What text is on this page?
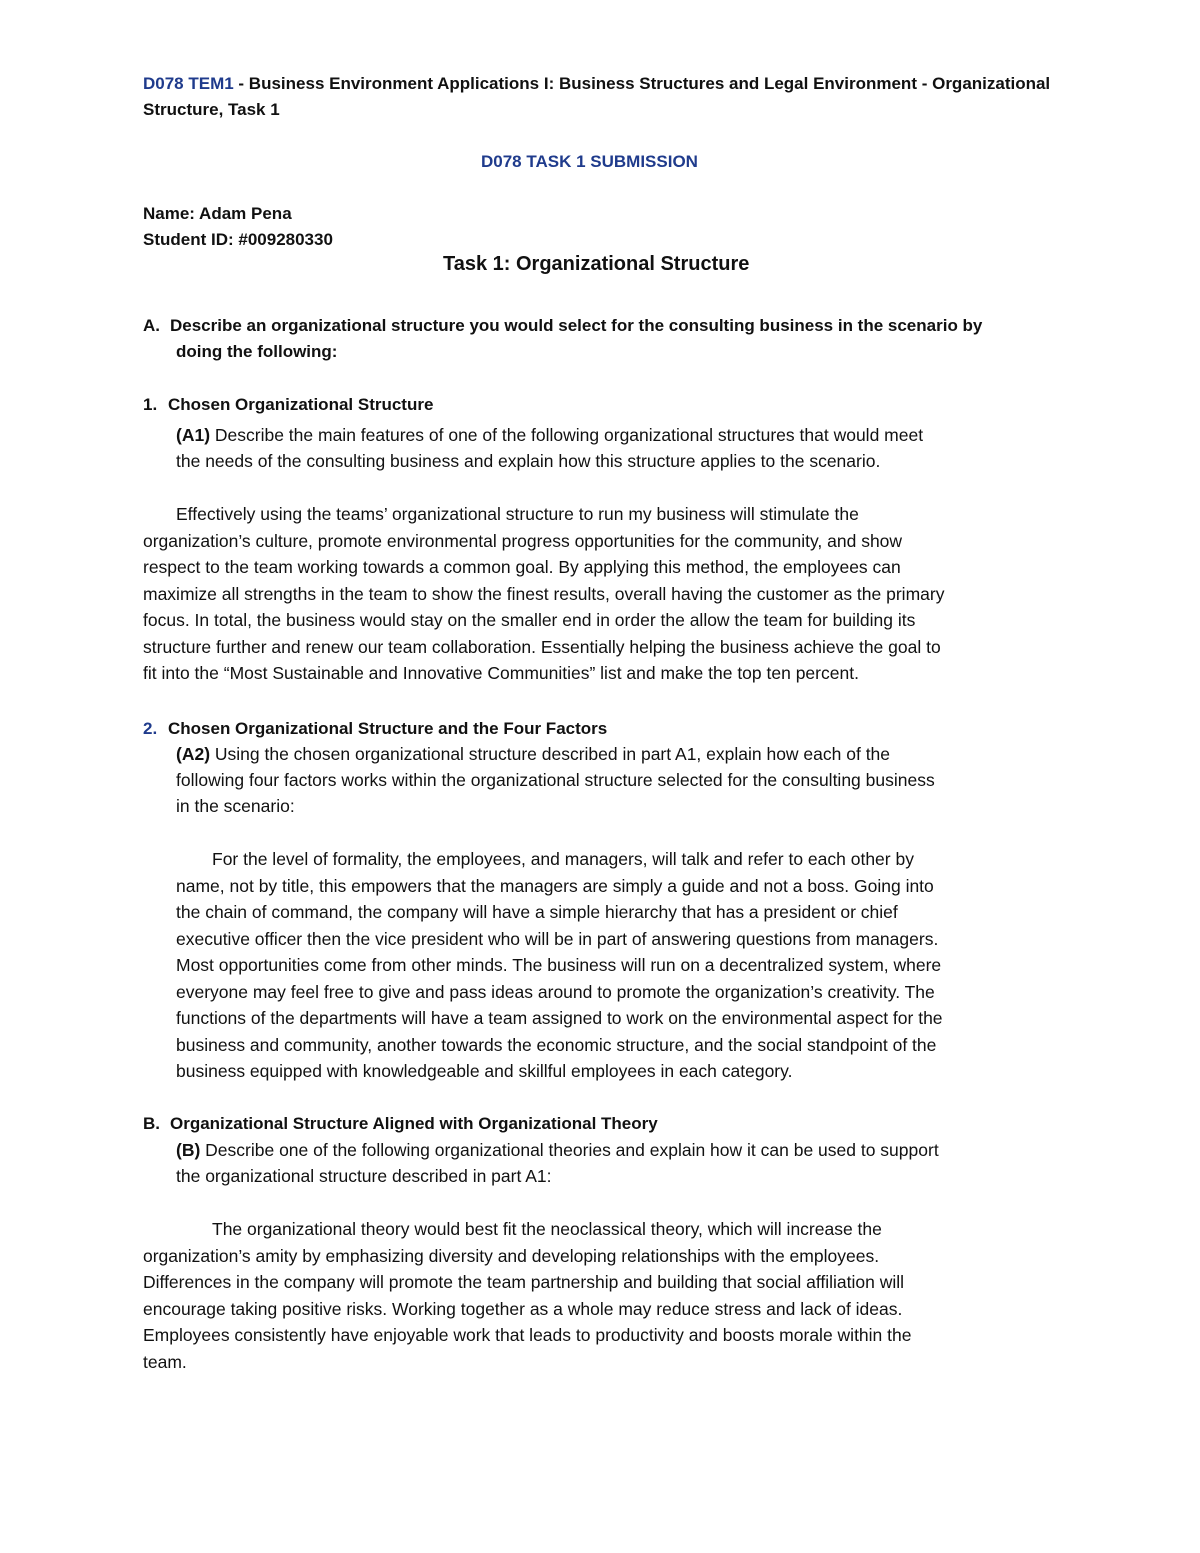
D078 TEM1 - Business Environment Applications I: Business Structures and Legal Environment - Organizational
Structure, Task 1
D078 TASK 1 SUBMISSION
Name: Adam Pena
Student ID: #009280330
Task 1: Organizational Structure
A. Describe an organizational structure you would select for the consulting business in the scenario by
doing the following:
1. Chosen Organizational Structure
(A1) Describe the main features of one of the following organizational structures that would meet
the needs of the consulting business and explain how this structure applies to the scenario.
Effectively using the teams’ organizational structure to run my business will stimulate the
organization’s culture, promote environmental progress opportunities for the community, and show
respect to the team working towards a common goal. By applying this method, the employees can
maximize all strengths in the team to show the finest results, overall having the customer as the primary
focus. In total, the business would stay on the smaller end in order the allow the team for building its
structure further and renew our team collaboration. Essentially helping the business achieve the goal to
fit into the “Most Sustainable and Innovative Communities” list and make the top ten percent.
2. Chosen Organizational Structure and the Four Factors
(A2) Using the chosen organizational structure described in part A1, explain how each of the
following four factors works within the organizational structure selected for the consulting business
in the scenario:
For the level of formality, the employees, and managers, will talk and refer to each other by
name, not by title, this empowers that the managers are simply a guide and not a boss. Going into
the chain of command, the company will have a simple hierarchy that has a president or chief
executive officer then the vice president who will be in part of answering questions from managers.
Most opportunities come from other minds. The business will run on a decentralized system, where
everyone may feel free to give and pass ideas around to promote the organization’s creativity. The
functions of the departments will have a team assigned to work on the environmental aspect for the
business and community, another towards the economic structure, and the social standpoint of the
business equipped with knowledgeable and skillful employees in each category.
B. Organizational Structure Aligned with Organizational Theory
(B) Describe one of the following organizational theories and explain how it can be used to support
the organizational structure described in part A1:
The organizational theory would best fit the neoclassical theory, which will increase the
organization’s amity by emphasizing diversity and developing relationships with the employees.
Differences in the company will promote the team partnership and building that social affiliation will
encourage taking positive risks. Working together as a whole may reduce stress and lack of ideas.
Employees consistently have enjoyable work that leads to productivity and boosts morale within the
team.
